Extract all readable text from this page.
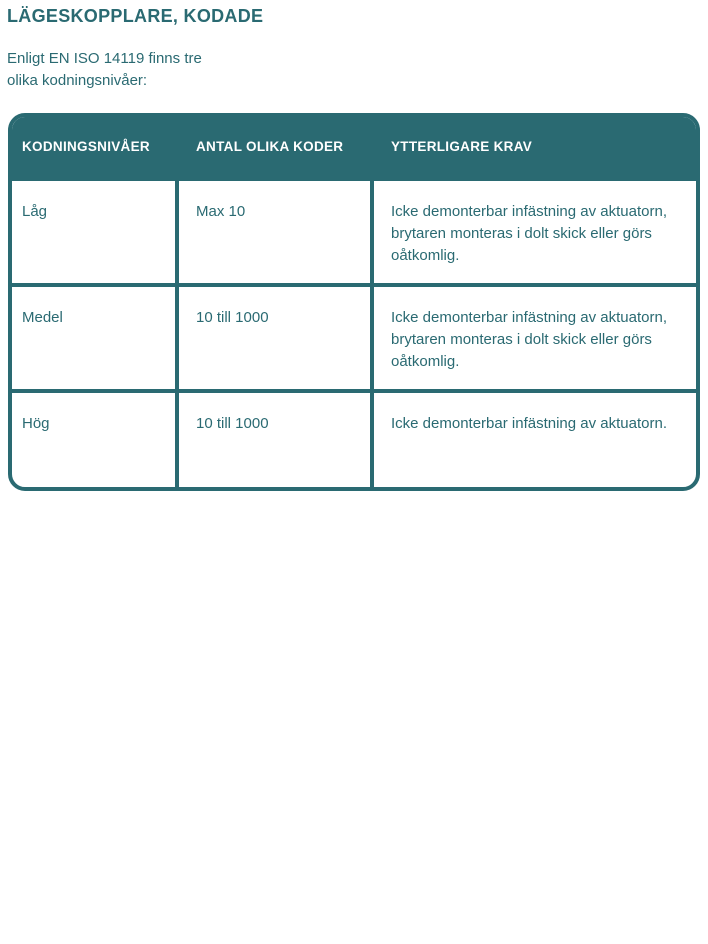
LÄGESKOPPLARE, KODADE
Enligt EN ISO 14119 finns tre
olika kodningsnivåer:
KODNINGSNIVÅER	ANTAL OLIKA KODER	YTTERLIGARE KRAV
Låg	Max 10	Icke demonterbar infästning av aktuatorn, brytaren monteras i dolt skick eller görs oåtkomlig.
Medel	10 till 1000	Icke demonterbar infästning av aktuatorn, brytaren monteras i dolt skick eller görs oåtkomlig.
Hög	10 till 1000	Icke demonterbar infästning av aktuatorn.
